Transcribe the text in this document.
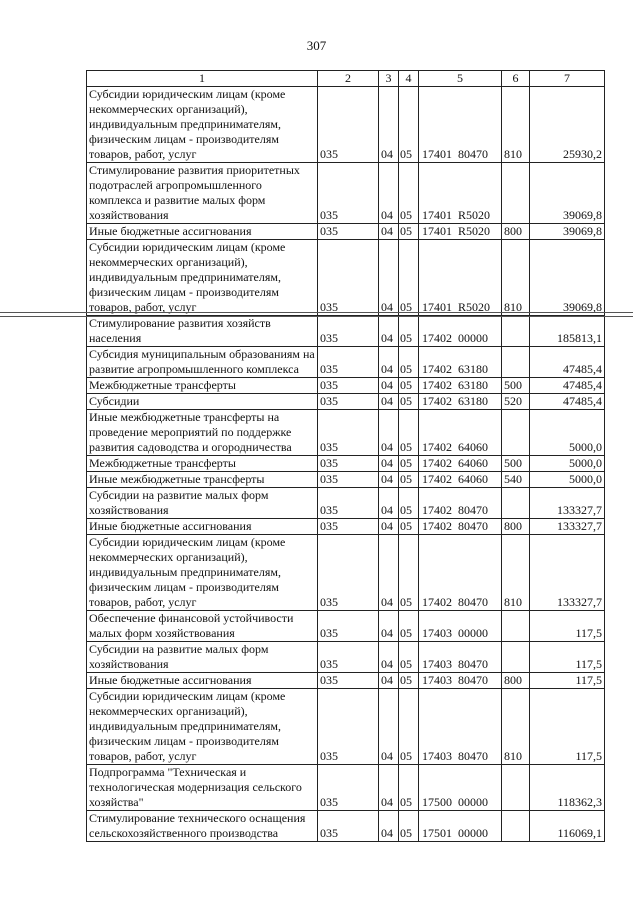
307
1	2	3	4	5	6	7
Субсидии юридическим лицам (кроме некоммерческих организаций), индивидуальным предпринимателям, физическим лицам - производителям товаров, работ, услуг	035	04	05	17401 80470	810	25930,2
Стимулирование развития приоритетных подотраслей агропромышленного комплекса и развитие малых форм хозяйствования	035	04	05	17401 R5020		39069,8
Иные бюджетные ассигнования	035	04	05	17401 R5020	800	39069,8
Субсидии юридическим лицам (кроме некоммерческих организаций), индивидуальным предпринимателям, физическим лицам - производителям товаров, работ, услуг	035	04	05	17401 R5020	810	39069,8
Стимулирование развития хозяйств населения	035	04	05	17402 00000		185813,1
Субсидия муниципальным образованиям на развитие агропромышленного комплекса	035	04	05	17402 63180		47485,4
Межбюджетные трансферты	035	04	05	17402 63180	500	47485,4
Субсидии	035	04	05	17402 63180	520	47485,4
Иные межбюджетные трансферты на проведение мероприятий по поддержке развития садоводства и огородничества	035	04	05	17402 64060		5000,0
Межбюджетные трансферты	035	04	05	17402 64060	500	5000,0
Иные межбюджетные трансферты	035	04	05	17402 64060	540	5000,0
Субсидии на развитие малых форм хозяйствования	035	04	05	17402 80470		133327,7
Иные бюджетные ассигнования	035	04	05	17402 80470	800	133327,7
Субсидии юридическим лицам (кроме некоммерческих организаций), индивидуальным предпринимателям, физическим лицам - производителям товаров, работ, услуг	035	04	05	17402 80470	810	133327,7
Обеспечение финансовой устойчивости малых форм хозяйствования	035	04	05	17403 00000		117,5
Субсидии на развитие малых форм хозяйствования	035	04	05	17403 80470		117,5
Иные бюджетные ассигнования	035	04	05	17403 80470	800	117,5
Субсидии юридическим лицам (кроме некоммерческих организаций), индивидуальным предпринимателям, физическим лицам - производителям товаров, работ, услуг	035	04	05	17403 80470	810	117,5
Подпрограмма "Техническая и технологическая модернизация сельского хозяйства"	035	04	05	17500 00000		118362,3
Стимулирование технического оснащения сельскохозяйственного производства	035	04	05	17501 00000		116069,1
